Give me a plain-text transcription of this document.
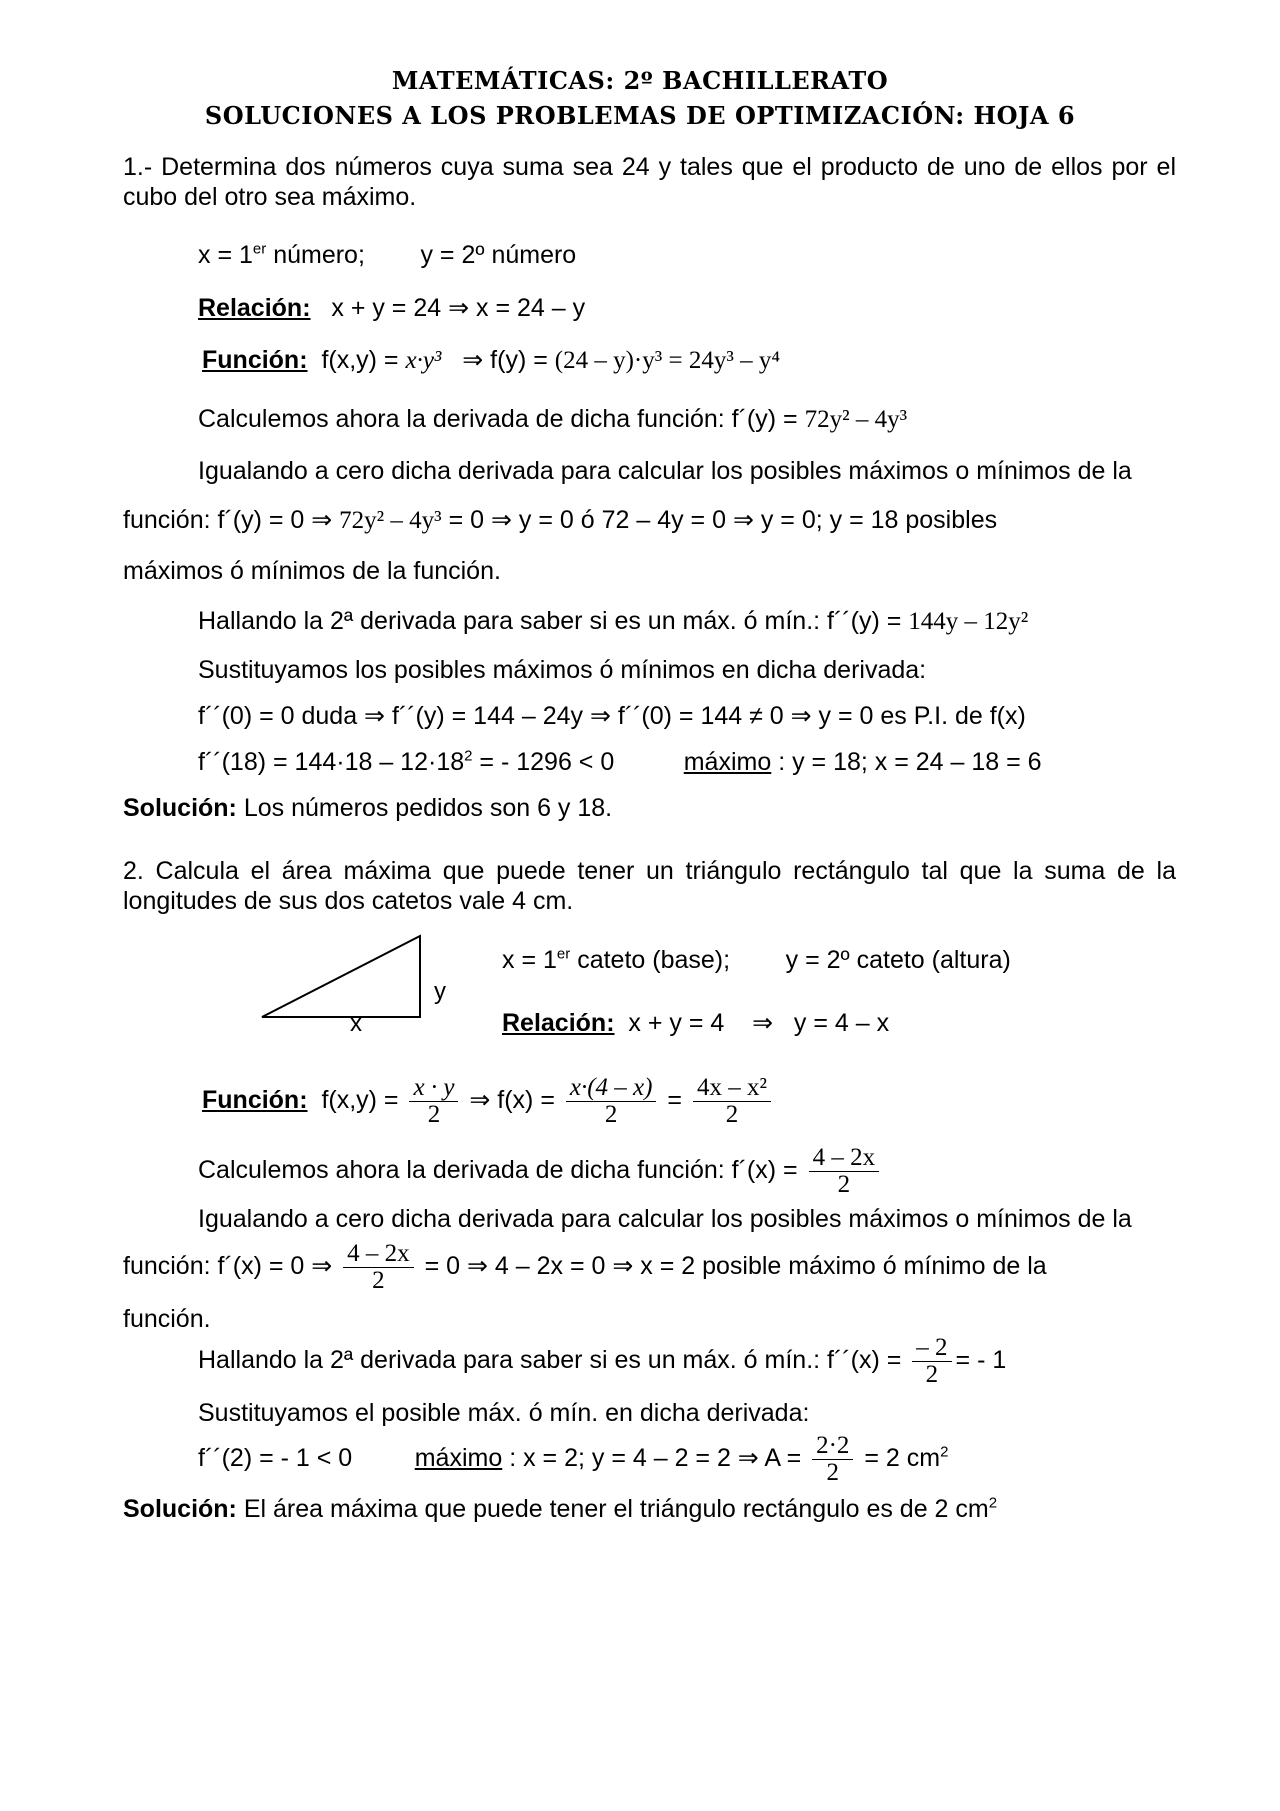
MATEMÁTICAS: 2º BACHILLERATO
SOLUCIONES A LOS PROBLEMAS DE OPTIMIZACIÓN: HOJA 6
1.- Determina dos números cuya suma sea 24 y tales que el producto de uno de ellos por el cubo del otro sea máximo.
x = 1er número;        y = 2º número
Relación: x + y = 24 ⇒ x = 24 – y
Función: f(x,y) = x·y³   ⇒ f(y) = (24 – y)·y³ = 24y³ – y⁴
Calculemos ahora la derivada de dicha función: f´(y) = 72y² – 4y³
Igualando a cero dicha derivada para calcular los posibles máximos o mínimos de la
función: f´(y) = 0 ⇒ 72y² – 4y³ = 0 ⇒ y = 0 ó 72 – 4y = 0 ⇒ y = 0; y = 18 posibles
máximos ó mínimos de la función.
Hallando la 2ª derivada para saber si es un máx. ó mín.: f´´(y) = 144y – 12y²
Sustituyamos los posibles máximos ó mínimos en dicha derivada:
f´´(0) = 0 duda ⇒ f´´(y) = 144 – 24y ⇒ f´´(0) = 144 ≠ 0 ⇒ y = 0 es P.I. de f(x)
f´´(18) = $144\cdot 18 - 12\cdot 18^2$ = - 1296 < 0	máximo : y = 18; x = 24 – 18 = 6
Solución: Los números pedidos son 6 y 18.
2. Calcula el área máxima que puede tener un triángulo rectángulo tal que la suma de la longitudes de sus dos catetos vale 4 cm.
y
x
x = 1er cateto (base);        y = 2º cateto (altura)
Relación:  x + y = 4    ⇒   y = 4 – x
Función: $f(x,y) = \frac{x \cdot y}{2}$ ⇒ $f(x) = \frac{x\cdot(4 - x)}{2} = \frac{\text{4x – x²}}{2}$
Calculemos ahora la derivada de dicha función: f´(x) = $\frac{4 - 2x}{2}$
Igualando a cero dicha derivada para calcular los posibles máximos o mínimos de la
función: f´(x) = 0 ⇒ $\frac{4 - 2x}{2} = 0$ ⇒ 4 – 2x = 0 ⇒ x = 2 posible máximo ó mínimo de la
función.
Hallando la 2ª derivada para saber si es un máx. ó mín.: f´´(x) = $\frac{- 2}{2}$ = - 1
Sustituyamos el posible máx. ó mín. en dicha derivada:
f´´(2) = - 1 < 0         máximo : x = 2; y = 4 – 2 = 2 ⇒ $A = \frac{2\cdot 2}{2} = 2$ $cm^2$
Solución: El área máxima que puede tener el triángulo rectángulo es de 2 $cm^2$
